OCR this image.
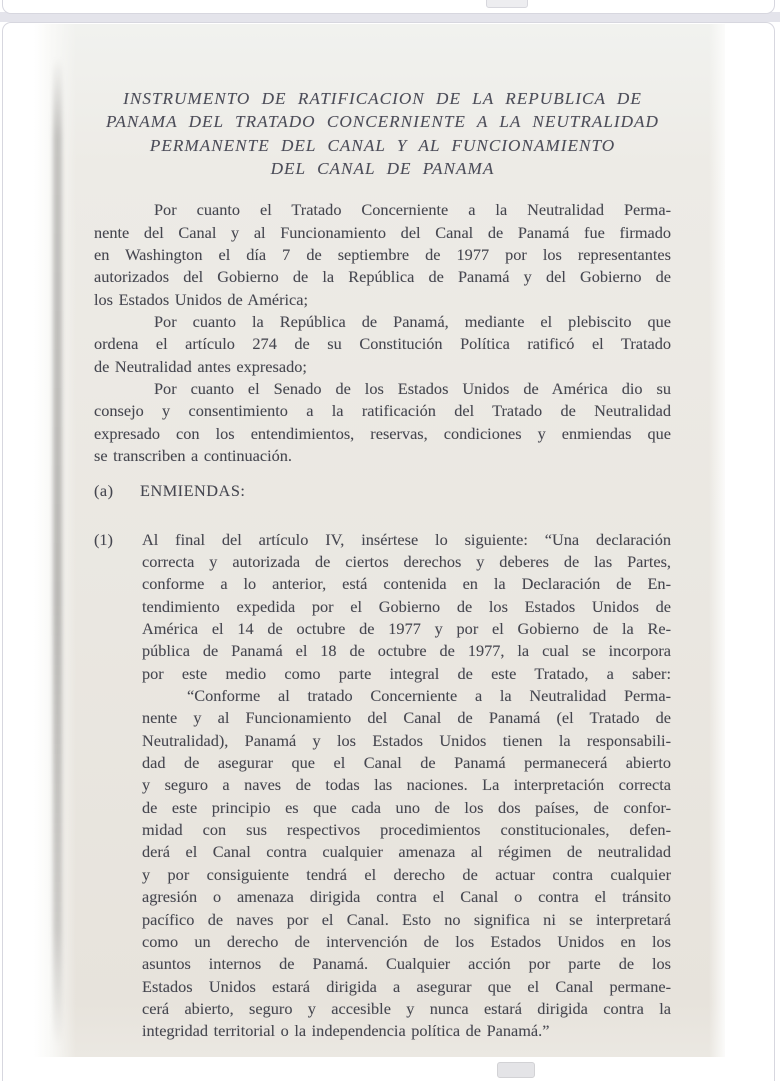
INSTRUMENTO DE RATIFICACION DE LA REPUBLICA DE
PANAMA DEL TRATADO CONCERNIENTE A LA NEUTRALIDAD
PERMANENTE DEL CANAL Y AL FUNCIONAMIENTO
DEL CANAL DE PANAMA
Por cuanto el Tratado Concerniente a la Neutralidad Perma-
nente del Canal y al Funcionamiento del Canal de Panamá fue firmado
en Washington el día 7 de septiembre de 1977 por los representantes
autorizados del Gobierno de la República de Panamá y del Gobierno de
los Estados Unidos de América;
Por cuanto la República de Panamá, mediante el plebiscito que
ordena el artículo 274 de su Constitución Política ratificó el Tratado
de Neutralidad antes expresado;
Por cuanto el Senado de los Estados Unidos de América dio su
consejo y consentimiento a la ratificación del Tratado de Neutralidad
expresado con los entendimientos, reservas, condiciones y enmiendas que
se transcriben a continuación.
(a) ENMIENDAS:
(1) Al final del artículo IV, insértese lo siguiente: “Una declaración
correcta y autorizada de ciertos derechos y deberes de las Partes,
conforme a lo anterior, está contenida en la Declaración de En-
tendimiento expedida por el Gobierno de los Estados Unidos de
América el 14 de octubre de 1977 y por el Gobierno de la Re-
pública de Panamá el 18 de octubre de 1977, la cual se incorpora
por este medio como parte integral de este Tratado, a saber:
“Conforme al tratado Concerniente a la Neutralidad Perma-
nente y al Funcionamiento del Canal de Panamá (el Tratado de
Neutralidad), Panamá y los Estados Unidos tienen la responsabili-
dad de asegurar que el Canal de Panamá permanecerá abierto
y seguro a naves de todas las naciones. La interpretación correcta
de este principio es que cada uno de los dos países, de confor-
midad con sus respectivos procedimientos constitucionales, defen-
derá el Canal contra cualquier amenaza al régimen de neutralidad
y por consiguiente tendrá el derecho de actuar contra cualquier
agresión o amenaza dirigida contra el Canal o contra el tránsito
pacífico de naves por el Canal. Esto no significa ni se interpretará
como un derecho de intervención de los Estados Unidos en los
asuntos internos de Panamá. Cualquier acción por parte de los
Estados Unidos estará dirigida a asegurar que el Canal permane-
cerá abierto, seguro y accesible y nunca estará dirigida contra la
integridad territorial o la independencia política de Panamá.”
